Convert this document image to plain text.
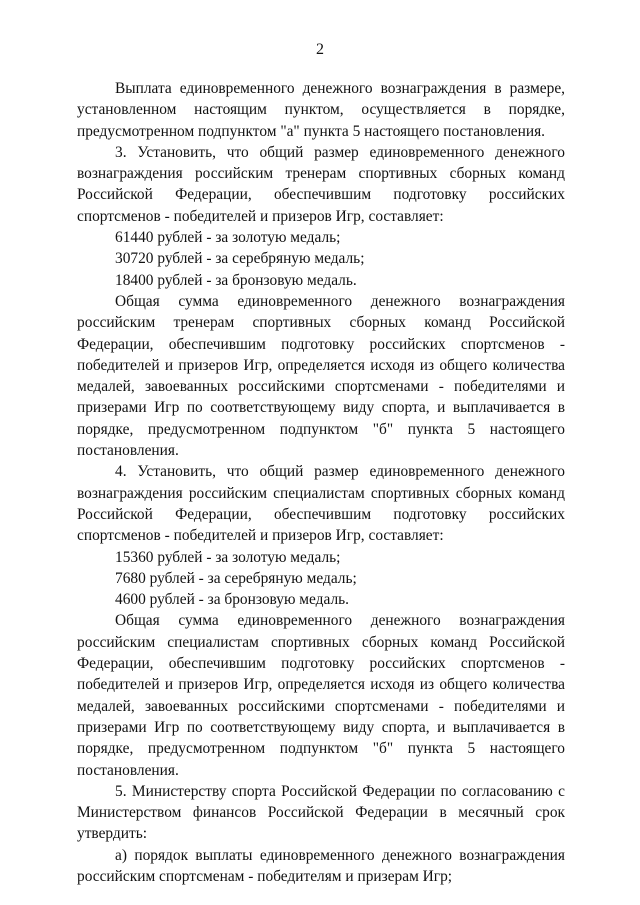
2

Выплата единовременного денежного вознаграждения в размере, установленном настоящим пунктом, осуществляется в порядке, предусмотренном подпунктом "а" пункта 5 настоящего постановления.

3. Установить, что общий размер единовременного денежного вознаграждения российским тренерам спортивных сборных команд Российской Федерации, обеспечившим подготовку российских спортсменов - победителей и призеров Игр, составляет:

61440 рублей - за золотую медаль;

30720 рублей - за серебряную медаль;

18400 рублей - за бронзовую медаль.

Общая сумма единовременного денежного вознаграждения российским тренерам спортивных сборных команд Российской Федерации, обеспечившим подготовку российских спортсменов - победителей и призеров Игр, определяется исходя из общего количества медалей, завоеванных российскими спортсменами - победителями и призерами Игр по соответствующему виду спорта, и выплачивается в порядке, предусмотренном подпунктом "б" пункта 5 настоящего постановления.

4. Установить, что общий размер единовременного денежного вознаграждения российским специалистам спортивных сборных команд Российской Федерации, обеспечившим подготовку российских спортсменов - победителей и призеров Игр, составляет:

15360 рублей - за золотую медаль;

7680 рублей - за серебряную медаль;

4600 рублей - за бронзовую медаль.

Общая сумма единовременного денежного вознаграждения российским специалистам спортивных сборных команд Российской Федерации, обеспечившим подготовку российских спортсменов - победителей и призеров Игр, определяется исходя из общего количества медалей, завоеванных российскими спортсменами - победителями и призерами Игр по соответствующему виду спорта, и выплачивается в порядке, предусмотренном подпунктом "б" пункта 5 настоящего постановления.

5. Министерству спорта Российской Федерации по согласованию с Министерством финансов Российской Федерации в месячный срок утвердить:

а) порядок выплаты единовременного денежного вознаграждения российским спортсменам - победителям и призерам Игр;
